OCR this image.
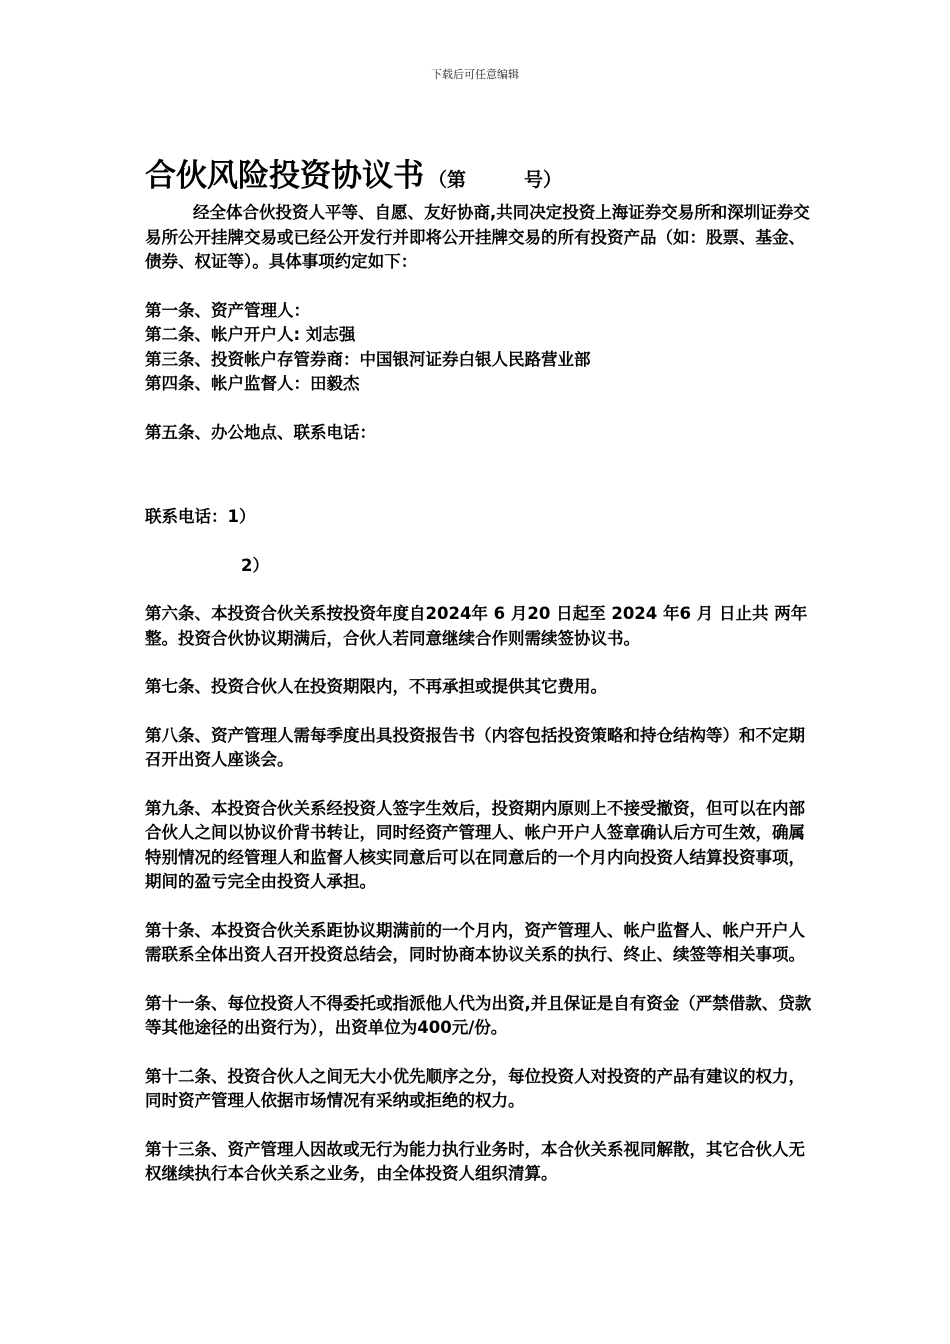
下载后可任意编辑
合伙风险投资协议书 （第	号）

经全体合伙投资人平等、自愿、友好协商,共同决定投资上海证券交易所和深圳证券交易所公开挂牌交易或已经公开发行并即将公开挂牌交易的所有投资产品（如：股票、基金、债券、权证等）。具体事项约定如下：

第一条、资产管理人：

第二条、帐户开户人: 刘志强

第三条、投资帐户存管券商：中国银河证券白银人民路营业部

第四条、帐户监督人：田毅杰

第五条、办公地点、联系电话：

联系电话：1）

2）

第六条、本投资合伙关系按投资年度自2024年 6 月20 日起至 2024 年6 月 日止共 两年整。投资合伙协议期满后，合伙人若同意继续合作则需续签协议书。

第七条、投资合伙人在投资期限内，不再承担或提供其它费用。

第八条、资产管理人需每季度出具投资报告书（内容包括投资策略和持仓结构等）和不定期召开出资人座谈会。

第九条、本投资合伙关系经投资人签字生效后，投资期内原则上不接受撤资，但可以在内部合伙人之间以协议价背书转让，同时经资产管理人、帐户开户人签章确认后方可生效，确属特别情况的经管理人和监督人核实同意后可以在同意后的一个月内向投资人结算投资事项，期间的盈亏完全由投资人承担。

第十条、本投资合伙关系距协议期满前的一个月内，资产管理人、帐户监督人、帐户开户人需联系全体出资人召开投资总结会，同时协商本协议关系的执行、终止、续签等相关事项。

第十一条、每位投资人不得委托或指派他人代为出资,并且保证是自有资金（严禁借款、贷款等其他途径的出资行为），出资单位为400元/份。

第十二条、投资合伙人之间无大小优先顺序之分，每位投资人对投资的产品有建议的权力，同时资产管理人依据市场情况有采纳或拒绝的权力。

第十三条、资产管理人因故或无行为能力执行业务时，本合伙关系视同解散，其它合伙人无权继续执行本合伙关系之业务，由全体投资人组织清算。
